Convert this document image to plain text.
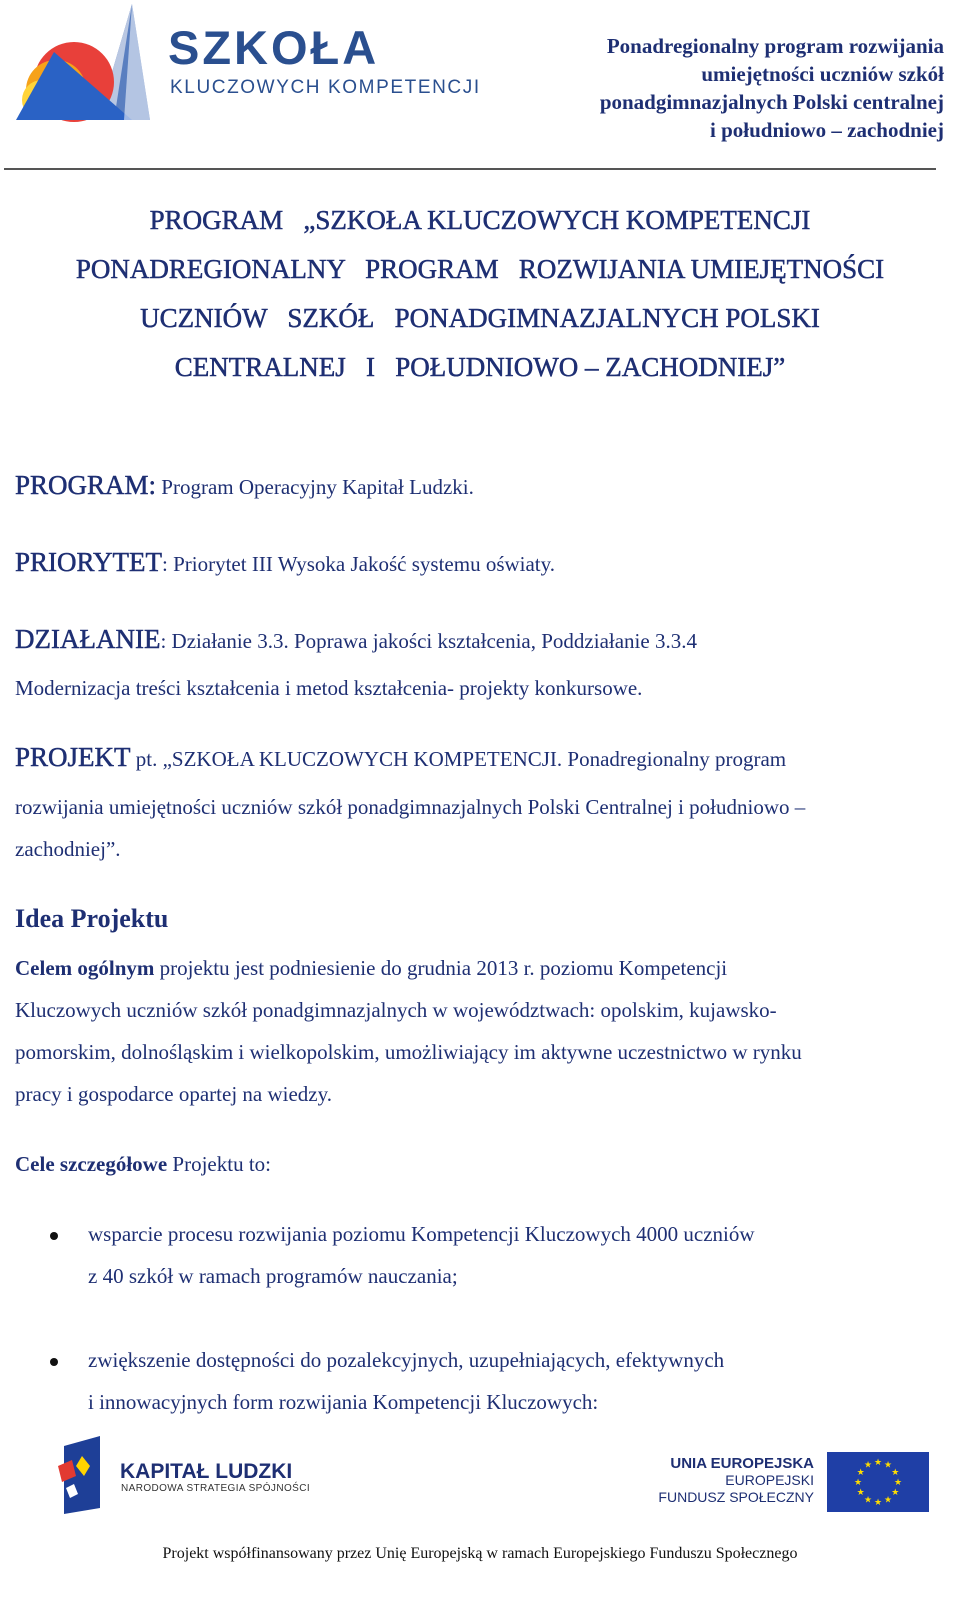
SZKOŁA
KLUCZOWYCH KOMPETENCJI
Ponadregionalny program rozwijania
umiejętności uczniów szkół
ponadgimnazjalnych Polski centralnej
i południowo – zachodniej
PROGRAM   „SZKOŁA KLUCZOWYCH KOMPETENCJI
PONADREGIONALNY   PROGRAM   ROZWIJANIA UMIEJĘTNOŚCI
UCZNIÓW   SZKÓŁ   PONADGIMNAZJALNYCH POLSKI
CENTRALNEJ   I   POŁUDNIOWO – ZACHODNIEJ”
PROGRAM: Program Operacyjny Kapitał Ludzki.
PRIORYTET: Priorytet III Wysoka Jakość systemu oświaty.
DZIAŁANIE: Działanie 3.3. Poprawa jakości kształcenia, Poddziałanie 3.3.4
Modernizacja treści kształcenia i metod kształcenia- projekty konkursowe.
PROJEKT pt. „SZKOŁA KLUCZOWYCH KOMPETENCJI. Ponadregionalny program
rozwijania umiejętności uczniów szkół ponadgimnazjalnych Polski Centralnej i południowo –
zachodniej”.
Idea Projektu
Celem ogólnym projektu jest podniesienie do grudnia 2013 r. poziomu Kompetencji
Kluczowych uczniów szkół ponadgimnazjalnych w województwach: opolskim, kujawsko-
pomorskim, dolnośląskim i wielkopolskim, umożliwiający im aktywne uczestnictwo w rynku
pracy i gospodarce opartej na wiedzy.
Cele szczegółowe Projektu to:
wsparcie procesu rozwijania poziomu Kompetencji Kluczowych 4000 uczniów
z 40 szkół w ramach programów nauczania;
zwiększenie dostępności do pozalekcyjnych, uzupełniających, efektywnych
i innowacyjnych form rozwijania Kompetencji Kluczowych:
KAPITAŁ LUDZKI
NARODOWA STRATEGIA SPÓJNOŚCI
UNIA EUROPEJSKA
EUROPEJSKI
FUNDUSZ SPOŁECZNY
★ ★
★
★
★
★
★
★
★
★
★
★
Projekt współfinansowany przez Unię Europejską w ramach Europejskiego Funduszu Społecznego
